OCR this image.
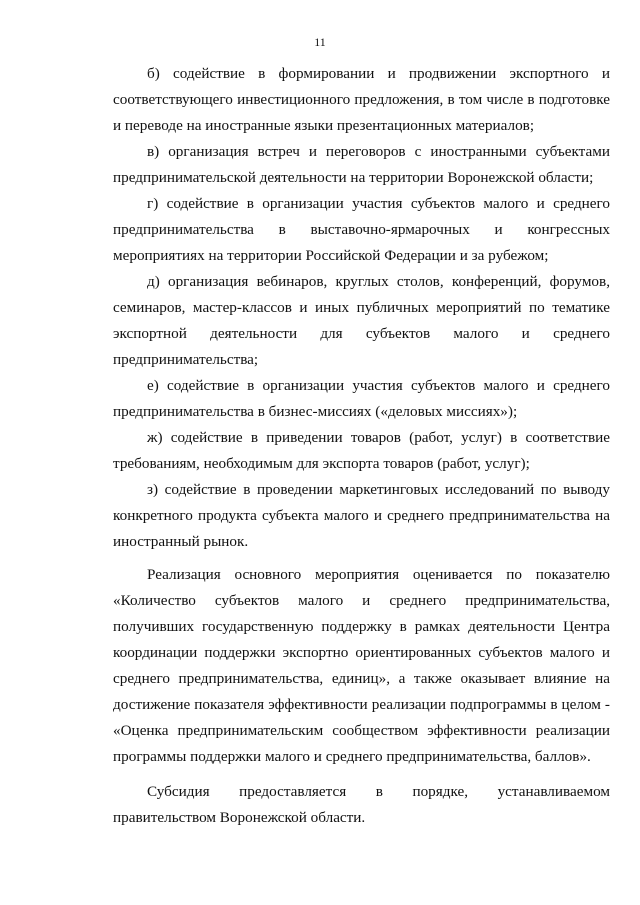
11

б) содействие в формировании и продвижении экспортного и соответствующего инвестиционного предложения, в том числе в подготовке и переводе на иностранные языки презентационных материалов;

в) организация встреч и переговоров с иностранными субъектами предпринимательской деятельности на территории Воронежской области;

г) содействие в организации участия субъектов малого и среднего предпринимательства в выставочно-ярмарочных и конгрессных мероприятиях на территории Российской Федерации и за рубежом;

д) организация вебинаров, круглых столов, конференций, форумов, семинаров, мастер-классов и иных публичных мероприятий по тематике экспортной деятельности для субъектов малого и среднего предпринимательства;

е) содействие в организации участия субъектов малого и среднего предпринимательства в бизнес-миссиях («деловых миссиях»);

ж) содействие в приведении товаров (работ, услуг) в соответствие требованиям, необходимым для экспорта товаров (работ, услуг);

з) содействие в проведении маркетинговых исследований по выводу конкретного продукта субъекта малого и среднего предпринимательства на иностранный рынок.

Реализация основного мероприятия оценивается по показателю «Количество субъектов малого и среднего предпринимательства, получивших государственную поддержку в рамках деятельности Центра координации поддержки экспортно ориентированных субъектов малого и среднего предпринимательства, единиц», а также оказывает влияние на достижение показателя эффективности реализации подпрограммы в целом - «Оценка предпринимательским сообществом эффективности реализации программы поддержки малого и среднего предпринимательства, баллов».

Субсидия предоставляется в порядке, устанавливаемом правительством Воронежской области.
